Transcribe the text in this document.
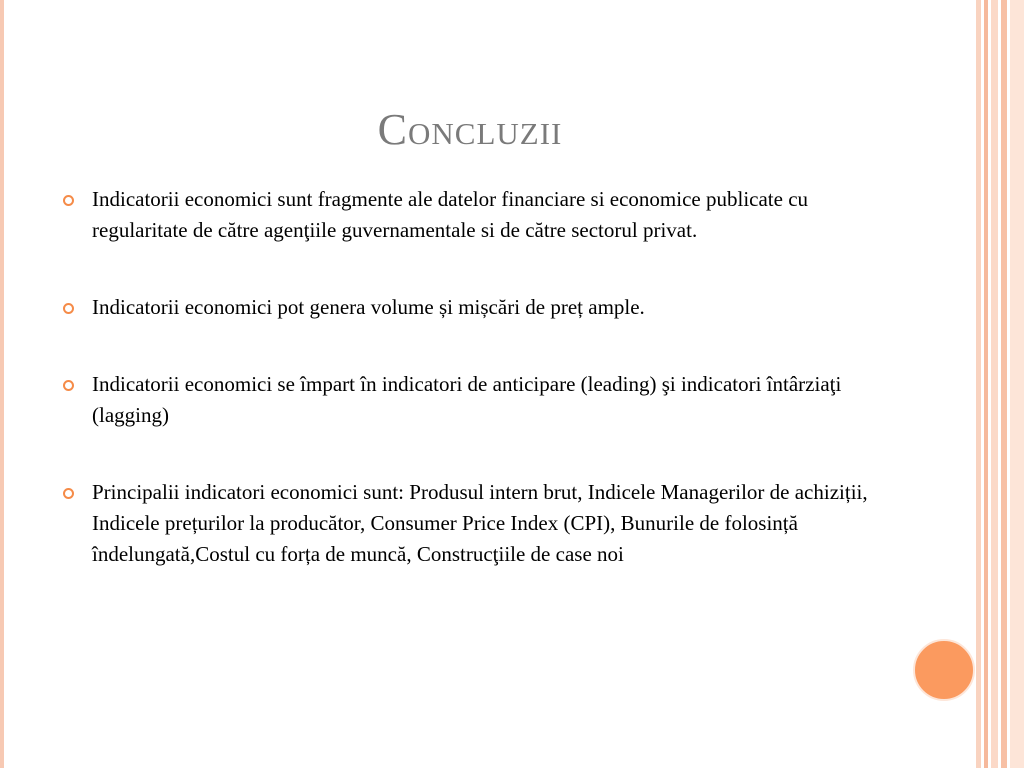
Concluzii
Indicatorii economici sunt fragmente ale datelor financiare si economice publicate cu regularitate de către agenţiile guvernamentale si de către sectorul privat.
Indicatorii economici pot genera volume și mișcări de preț ample.
Indicatorii economici se împart în indicatori de anticipare (leading) şi indicatori întârziaţi (lagging)
Principalii indicatori economici sunt: Produsul intern brut, Indicele Managerilor de achiziții, Indicele prețurilor la producător, Consumer Price Index (CPI), Bunurile de folosință îndelungată,Costul cu forța de muncă, Construcţiile de case noi
